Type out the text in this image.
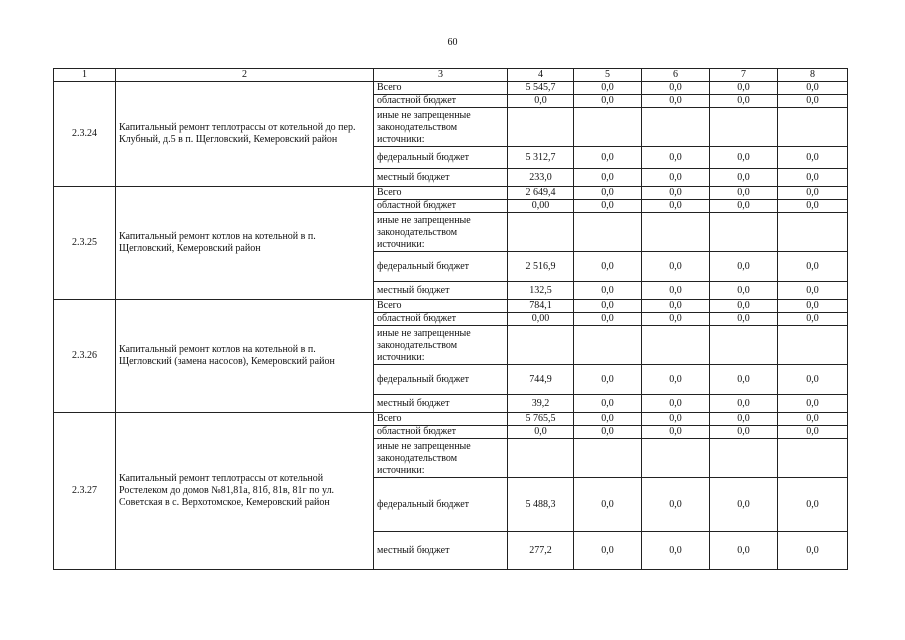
60
1	2	3	4	5	6	7	8
2.3.24	Капитальный ремонт теплотрассы от котельной до пер. Клубный, д.5 в п. Щегловский, Кемеровский район	Всего	5 545,7	0,0	0,0	0,0	0,0
		областной бюджет	0,0	0,0	0,0	0,0	0,0
		иные не запрещенные законодательством источники:					
		федеральный бюджет	5 312,7	0,0	0,0	0,0	0,0
		местный бюджет	233,0	0,0	0,0	0,0	0,0
2.3.25	Капитальный ремонт котлов на котельной в п. Щегловский, Кемеровский район	Всего	2 649,4	0,0	0,0	0,0	0,0
		областной бюджет	0,00	0,0	0,0	0,0	0,0
		иные не запрещенные законодательством источники:					
		федеральный бюджет	2 516,9	0,0	0,0	0,0	0,0
		местный бюджет	132,5	0,0	0,0	0,0	0,0
2.3.26	Капитальный ремонт котлов на котельной в п. Щегловский (замена насосов), Кемеровский район	Всего	784,1	0,0	0,0	0,0	0,0
		областной бюджет	0,00	0,0	0,0	0,0	0,0
		иные не запрещенные законодательством источники:					
		федеральный бюджет	744,9	0,0	0,0	0,0	0,0
		местный бюджет	39,2	0,0	0,0	0,0	0,0
2.3.27	Капитальный ремонт теплотрассы от котельной Ростелеком до домов №81,81а, 81б, 81в, 81г по ул. Советская в с. Верхотомское, Кемеровский район	Всего	5 765,5	0,0	0,0	0,0	0,0
		областной бюджет	0,0	0,0	0,0	0,0	0,0
		иные не запрещенные законодательством источники:					
		федеральный бюджет	5 488,3	0,0	0,0	0,0	0,0
		местный бюджет	277,2	0,0	0,0	0,0	0,0
